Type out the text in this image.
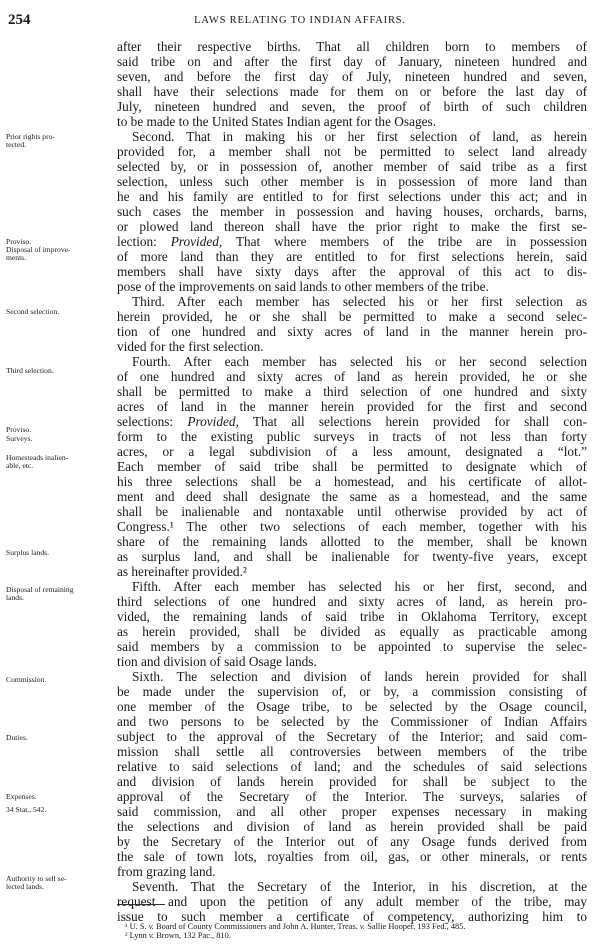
254	LAWS RELATING TO INDIAN AFFAIRS.
after their respective births. That all children born to members of
said tribe on and after the first day of January, nineteen hundred and
seven, and before the first day of July, nineteen hundred and seven,
shall have their selections made for them on or before the last day of
July, nineteen hundred and seven, the proof of birth of such children
to be made to the United States Indian agent for the Osages.
Second. That in making his or her first selection of land, as herein
provided for, a member shall not be permitted to select land already
selected by, or in possession of, another member of said tribe as a first
selection, unless such other member is in possession of more land than
he and his family are entitled to for first selections under this act; and in
such cases the member in possession and having houses, orchards, barns,
or plowed land thereon shall have the prior right to make the first se-
lection: Provided, That where members of the tribe are in possession
of more land than they are entitled to for first selections herein, said
members shall have sixty days after the approval of this act to dis-
pose of the improvements on said lands to other members of the tribe.
Third. After each member has selected his or her first selection as
herein provided, he or she shall be permitted to make a second selec-
tion of one hundred and sixty acres of land in the manner herein pro-
vided for the first selection.
Fourth. After each member has selected his or her second selection
of one hundred and sixty acres of land as herein provided, he or she
shall be permitted to make a third selection of one hundred and sixty
acres of land in the manner herein provided for the first and second
selections: Provided, That all selections herein provided for shall con-
form to the existing public surveys in tracts of not less than forty
acres, or a legal subdivision of a less amount, designated a “lot.”
Each member of said tribe shall be permitted to designate which of
his three selections shall be a homestead, and his certificate of allot-
ment and deed shall designate the same as a homestead, and the same
shall be inalienable and nontaxable until otherwise provided by act of
Congress.¹ The other two selections of each member, together with his
share of the remaining lands allotted to the member, shall be known
as surplus land, and shall be inalienable for twenty-five years, except
as hereinafter provided.²
Fifth. After each member has selected his or her first, second, and
third selections of one hundred and sixty acres of land, as herein pro-
vided, the remaining lands of said tribe in Oklahoma Territory, except
as herein provided, shall be divided as equally as practicable among
said members by a commission to be appointed to supervise the selec-
tion and division of said Osage lands.
Sixth. The selection and division of lands herein provided for shall
be made under the supervision of, or by, a commission consisting of
one member of the Osage tribe, to be selected by the Osage council,
and two persons to be selected by the Commissioner of Indian Affairs
subject to the approval of the Secretary of the Interior; and said com-
mission shall settle all controversies between members of the tribe
relative to said selections of land; and the schedules of said selections
and division of lands herein provided for shall be subject to the
approval of the Secretary of the Interior. The surveys, salaries of
said commission, and all other proper expenses necessary in making
the selections and division of land as herein provided shall be paid
by the Secretary of the Interior out of any Osage funds derived from
the sale of town lots, royalties from oil, gas, or other minerals, or rents
from grazing land.
Seventh. That the Secretary of the Interior, in his discretion, at the
request and upon the petition of any adult member of the tribe, may
issue to such member a certificate of competency, authorizing him to
Prior rights pro-
tected.
Proviso.
Disposal of improve-
ments.
Second selection.
Third selection.
Proviso.
Surveys.
Homesteads inalien-
able, etc.
Surplus lands.
Disposal of remaining
lands.
Commission.
Duties.
Expenses.
34 Stat., 542.
Authority to sell se-
lected lands.
¹ U. S. v. Board of County Commissioners and John A. Hunter, Treas. v. Sallie Hooper, 193 Fed., 485.
² Lynn v. Brown, 132 Pac., 810.
